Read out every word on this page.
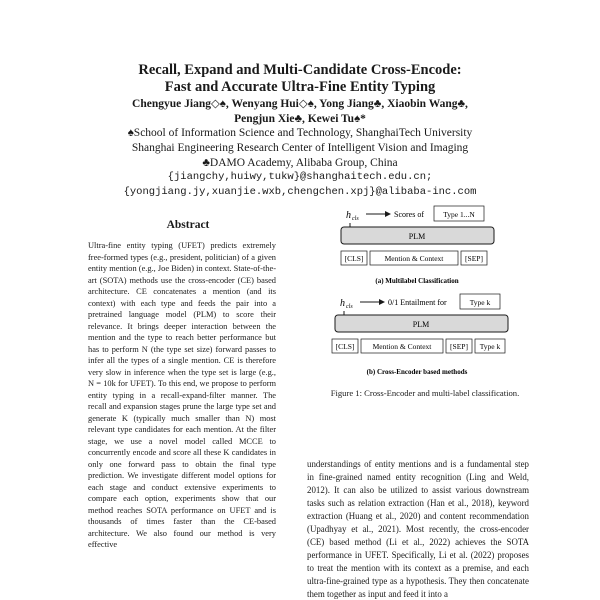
Recall, Expand and Multi-Candidate Cross-Encode:
Fast and Accurate Ultra-Fine Entity Typing
Chengyue Jiang◇♠, Wenyang Hui◇♠, Yong Jiang♣, Xiaobin Wang♣,
Pengjun Xie♣, Kewei Tu♠*
♠School of Information Science and Technology, ShanghaiTech University
Shanghai Engineering Research Center of Intelligent Vision and Imaging
♣DAMO Academy, Alibaba Group, China
{jiangchy,huiwy,tukw}@shanghaitech.edu.cn;
{yongjiang.jy,xuanjie.wxb,chengchen.xpj}@alibaba-inc.com
Abstract

Ultra-fine entity typing (UFET) predicts extremely free-formed types (e.g., president, politician) of a given entity mention (e.g., Joe Biden) in context. State-of-the-art (SOTA) methods use the cross-encoder (CE) based architecture. CE concatenates a mention (and its context) with each type and feeds the pair into a pretrained language model (PLM) to score their relevance. It brings deeper interaction between the mention and the type to reach better performance but has to perform N (the type set size) forward passes to infer all the types of a single mention. CE is therefore very slow in inference when the type set is large (e.g., N = 10k for UFET). To this end, we propose to perform entity typing in a recall-expand-filter manner. The recall and expansion stages prune the large type set and generate K (typically much smaller than N) most relevant type candidates for each mention. At the filter stage, we use a novel model called MCCE to concurrently encode and score all these K candidates in only one forward pass to obtain the final type prediction. We investigate different model options for each stage and conduct extensive experiments to compare each option, experiments show that our method reaches SOTA performance on UFET and is thousands of times faster than the CE-based architecture. We also found our method is very effective

h cls	Scores of	Type 1...N
PLM
[CLS]	Mention & Context	[SEP]
(a) Multilabel Classification
h cls	0/1 Entailment for	Type k
PLM
[CLS] Mention & Context [SEP] Type k
(b) Cross-Encoder based methods
Figure 1: Cross-Encoder and multi-label classification.

understandings of entity mentions and is a fundamental step in fine-grained named entity recognition (Ling and Weld, 2012). It can also be utilized to assist various downstream tasks such as relation extraction (Han et al., 2018), keyword extraction (Huang et al., 2020) and content recommendation (Upadhyay et al., 2021). Most recently, the cross-encoder (CE) based method (Li et al., 2022) achieves the SOTA performance in UFET. Specifically, Li et al. (2022) proposes to treat the mention with its context as a premise, and each ultra-fine-grained type as a hypothesis. They then concatenate them together as input and feed it into a
